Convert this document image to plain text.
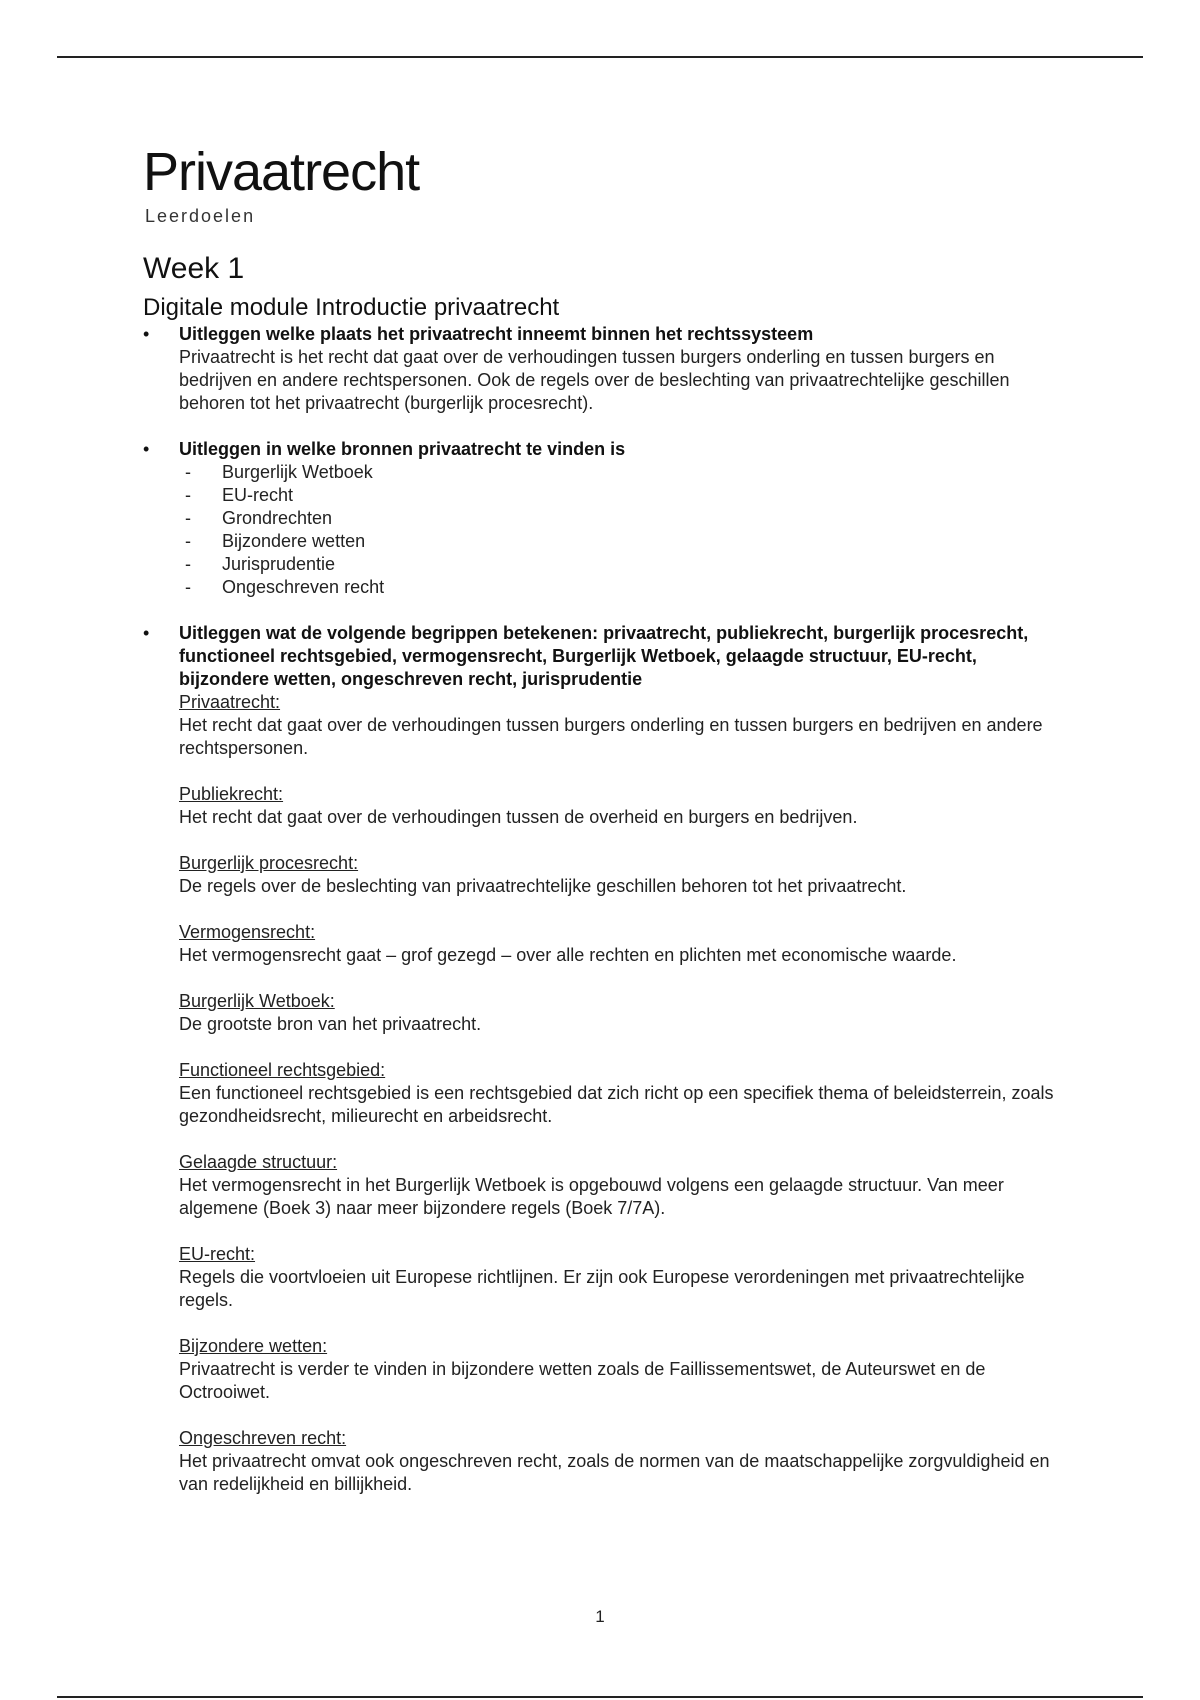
Privaatrecht
Leerdoelen
Week 1
Digitale module Introductie privaatrecht
• Uitleggen welke plaats het privaatrecht inneemt binnen het rechtssysteem

Privaatrecht is het recht dat gaat over de verhoudingen tussen burgers onderling en tussen burgers en bedrijven en andere rechtspersonen. Ook de regels over de beslechting van privaatrechtelijke geschillen behoren tot het privaatrecht (burgerlijk procesrecht).

• Uitleggen in welke bronnen privaatrecht te vinden is

- Burgerlijk Wetboek
- EU-recht
- Grondrechten
- Bijzondere wetten
- Jurisprudentie
- Ongeschreven recht
• Uitleggen wat de volgende begrippen betekenen: privaatrecht, publiekrecht, burgerlijk procesrecht, functioneel rechtsgebied, vermogensrecht, Burgerlijk Wetboek, gelaagde structuur, EU-recht, bijzondere wetten, ongeschreven recht, jurisprudentie

Privaatrecht:

Het recht dat gaat over de verhoudingen tussen burgers onderling en tussen burgers en bedrijven en andere rechtspersonen.

Publiekrecht:

Het recht dat gaat over de verhoudingen tussen de overheid en burgers en bedrijven.

Burgerlijk procesrecht:

De regels over de beslechting van privaatrechtelijke geschillen behoren tot het privaatrecht.

Vermogensrecht:

Het vermogensrecht gaat – grof gezegd – over alle rechten en plichten met economische waarde.

Burgerlijk Wetboek:

De grootste bron van het privaatrecht.

Functioneel rechtsgebied:

Een functioneel rechtsgebied is een rechtsgebied dat zich richt op een specifiek thema of beleidsterrein, zoals gezondheidsrecht, milieurecht en arbeidsrecht.

Gelaagde structuur:

Het vermogensrecht in het Burgerlijk Wetboek is opgebouwd volgens een gelaagde structuur. Van meer algemene (Boek 3) naar meer bijzondere regels (Boek 7/7A).

EU-recht:

Regels die voortvloeien uit Europese richtlijnen. Er zijn ook Europese verordeningen met privaatrechtelijke regels.

Bijzondere wetten:

Privaatrecht is verder te vinden in bijzondere wetten zoals de Faillissementswet, de Auteurswet en de Octrooiwet.

Ongeschreven recht:

Het privaatrecht omvat ook ongeschreven recht, zoals de normen van de maatschappelijke zorgvuldigheid en van redelijkheid en billijkheid.

1
